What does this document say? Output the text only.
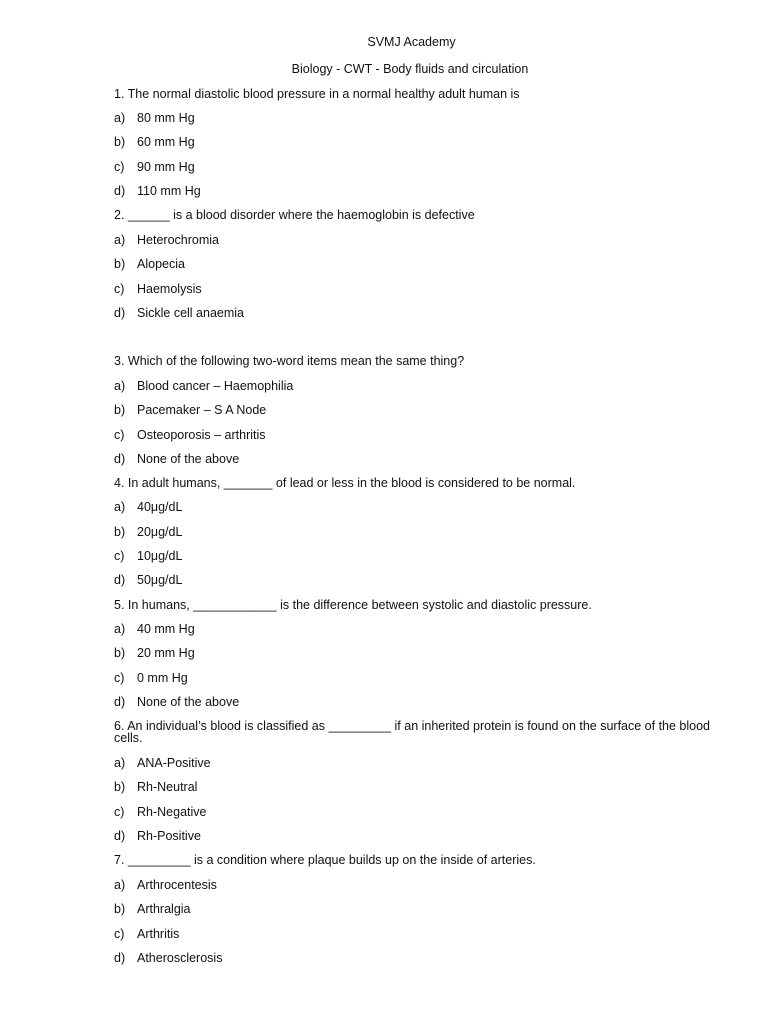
SVMJ Academy
Biology - CWT - Body fluids and circulation
1. The normal diastolic blood pressure in a normal healthy adult human is
a) 80 mm Hg
b) 60 mm Hg
c)	90 mm Hg
d) 110 mm Hg
2. ______ is a blood disorder where the haemoglobin is defective
a) Heterochromia
b) Alopecia
c)	Haemolysis
d) Sickle cell anaemia
3. Which of the following two-word items mean the same thing?
a) Blood cancer – Haemophilia
b) Pacemaker – S A Node
c)	Osteoporosis – arthritis
d) None of the above
4. In adult humans, _______ of lead or less in the blood is considered to be normal.
a) 40μg/dL
b) 20μg/dL
c)	10μg/dL
d) 50μg/dL
5. In humans, ____________ is the difference between systolic and diastolic pressure.
a) 40 mm Hg
b) 20 mm Hg
c)	0 mm Hg
d) None of the above
6. An individual’s blood is classified as _________ if an inherited protein is found on the surface of the blood cells.
a) ANA-Positive
b) Rh-Neutral
c)	Rh-Negative
d) Rh-Positive
7. _________ is a condition where plaque builds up on the inside of arteries.
a) Arthrocentesis
b) Arthralgia
c)	Arthritis
d) Atherosclerosis
